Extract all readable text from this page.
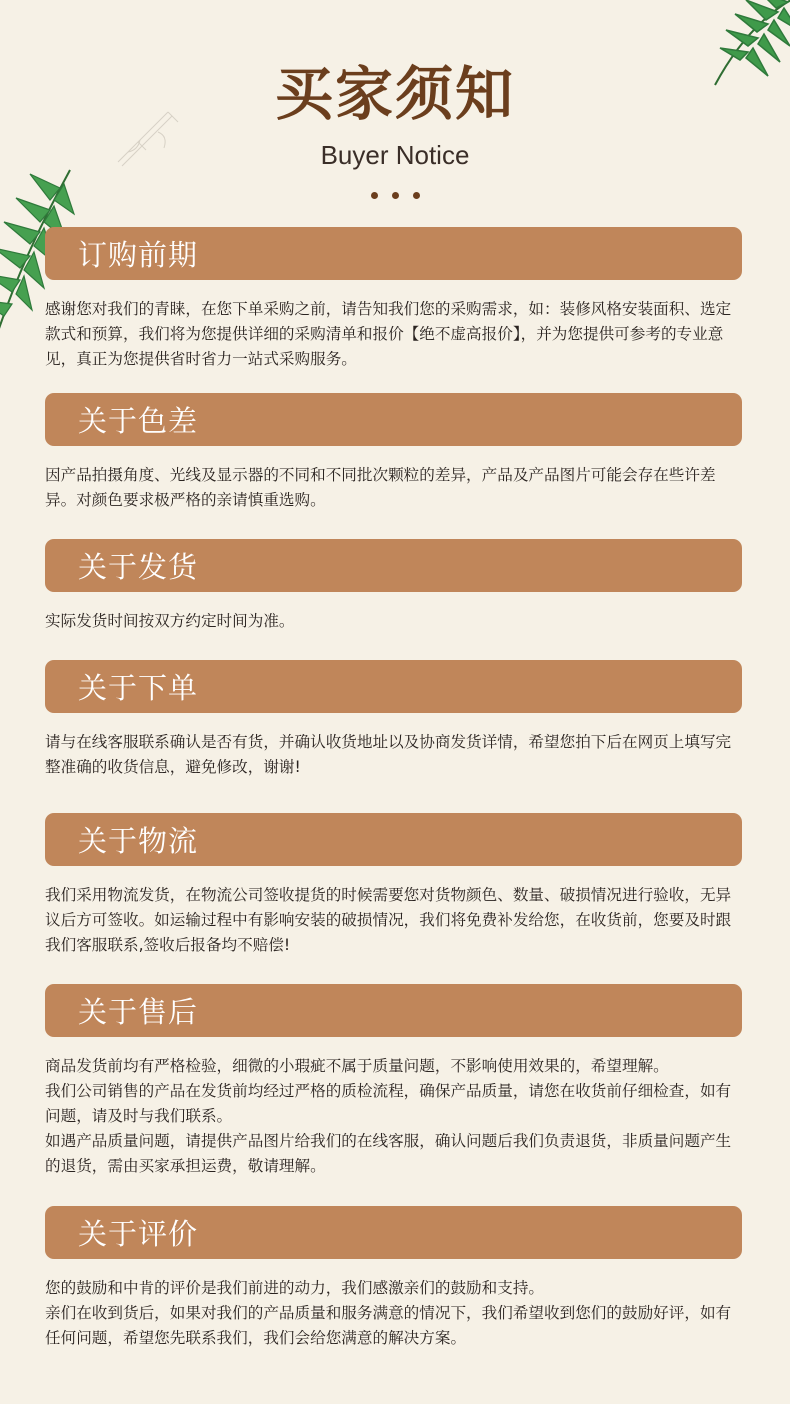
买家须知
Buyer Notice
订购前期

感谢您对我们的青睐，在您下单采购之前，请告知我们您的采购需求，如：装修风格安装面积、选定款式和预算，我们将为您提供详细的采购清单和报价【绝不虚高报价】，并为您提供可参考的专业意见，真正为您提供省时省力一站式采购服务。

关于色差

因产品拍摄角度、光线及显示器的不同和不同批次颗粒的差异，产品及产品图片可能会存在些许差异。对颜色要求极严格的亲请慎重选购。

关于发货

实际发货时间按双方约定时间为准。

关于下单

请与在线客服联系确认是否有货，并确认收货地址以及协商发货详情，希望您拍下后在网页上填写完整准确的收货信息，避免修改，谢谢!

关于物流

我们采用物流发货，在物流公司签收提货的时候需要您对货物颜色、数量、破损情况进行验收，无异议后方可签收。如运输过程中有影响安装的破损情况，我们将免费补发给您，在收货前，您要及时跟我们客服联系,签收后报备均不赔偿!

关于售后

商品发货前均有严格检验，细微的小瑕疵不属于质量问题，不影响使用效果的，希望理解。

我们公司销售的产品在发货前均经过严格的质检流程，确保产品质量，请您在收货前仔细检查，如有问题，请及时与我们联系。

如遇产品质量问题，请提供产品图片给我们的在线客服，确认问题后我们负责退货，非质量问题产生的退货，需由买家承担运费，敬请理解。

关于评价

您的鼓励和中肯的评价是我们前进的动力，我们感激亲们的鼓励和支持。

亲们在收到货后，如果对我们的产品质量和服务满意的情况下，我们希望收到您们的鼓励好评，如有任何问题，希望您先联系我们，我们会给您满意的解决方案。
